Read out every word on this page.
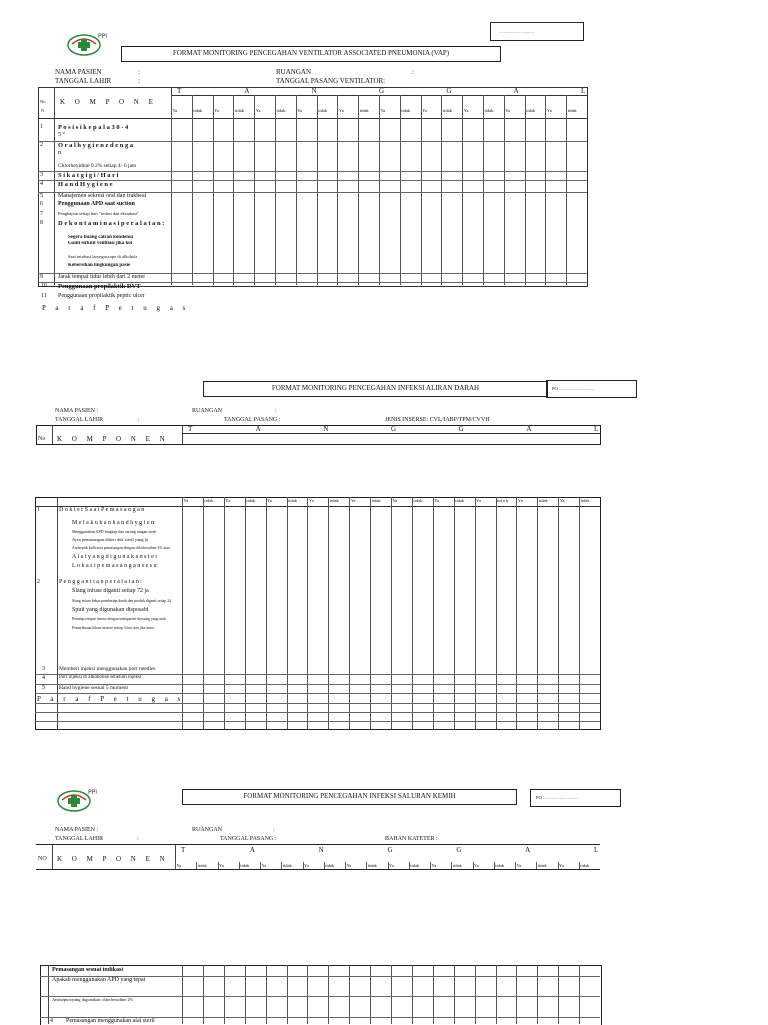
...............................
PPI
FORMAT MONITORING PENCEGAHAN VENTILATOR ASSOCIATED PNEUMONIA (VAP)
NAMA PASIEN	:
TANGGAL LAHIR	:
RUANGAN	:
TANGGAL PASANG VENTILATOR:
No
N
K O M P O N E
T	A	N	G	G	A	L
Ya	tidak	Ya	tidak	Ya	tidak	Ya	tidak	Ya	tidak	Ya	tidak	Ya	tidak	Ya	tidak	Ya	tidak	Ya	tidak
1 P o s i s i k e p a l a 3 0 - 4
5 °
2 O r a l h y g i e n e d e n g a
n
Chlorhexidine 0.2% setiap 4- 6 jam
3 S i k a t g i g i / H a r i
4 H a n d H y g i e n e
5	Manajemen sekresi oral dan trakheal
6	Penggunaan APD saat suction
7	Pengkajian setiap hari "sedasi dan ekstubasi"
8 D e k o n t a m i n a s i p e r a l a t a n :
Segera buang cairan kondensa
Ganti sirkuit ventilasi jika kot
Saat intubasi laryngoscope di alkohola
Kebersihan lingkungan pasie
9	Jarak tempat tidur lebih dari 2 meter
10 Penggunaan propilaktik DVT
11 Penggunaan propilaktik peptic ulcer
P a r a f P e t u g a s
FORMAT MONITORING PENCEGAHAN INFEKSI ALIRAN DARAH	PO ...............................
NAMA PASIEN :
TANGGAL LAHIR	:
RUANGAN	:
TANGGAL PASANG :	JENIS INSERSE: CVL/IABP/TPM/CVVH
No K O M P O N E N
T	A	N	G	G	A	L
Ya	tidak	Ya	tidak	Ya	tidak	Ya	tidak	Ya	tidak	Ya	tidak	Ya	tidak	Ya	tid a k Ya	tidak	Ya	tidak
1	D o k t e r S a a t P e m a s a n g a n
M e l a k u k a n h a n d h y g i e n
Menggunakan APD lengkap dan sarung tangan steril
Area pemasangan diberi duk steril yang lu
Antiseptik kulit area pemasangan dengan chlorhexidine 2% atau
A l a t y a n g d i g u n a k a n s t e r
L o k a s i p e m a s a n g a n s e s u
2	P e n g g a n t i a n p e r a l a t a n :
Slang infuse diganti setiap 72 ja
Slang infuse bekas pemberian darah dan produk diganti setiap 24
Spuit yang digunakan disposabl
Penutup tempat insersi dengan transparent dressing yang utuh
Pemeriksaan lokasi inserse setiap 3 hari dan jika kotor
3	Memberi injeksi menggunakan port needles
4	Port injeksi di alkoholise sebelum injeksi
5	Hand hygiene sesuai 5 moment
P a r a f P e t u g a s
PPI	FORMAT MONITORING PENCEGAHAN INFEKSI SALURAN KEMIH	PO ...............................
NAMA PASIEN :
TANGGAL LAHIR	:
RUANGAN	:
TANGGAL PASANG :	BAHAN KATETER :
NO K O M P O N E N
T	A	N	G	G	A	L
Ya	tidak	Ya	tidak	Ya	tidak	Ya	tidak	Ya	tidak	Ya	tidak	Ya	tidak	Ya	tidak	Ya	tidak	Ya	tidak
Pemasangan sesuai indikasi
Apakah menggunakan APD yang tepat
Antiseptoxyang digunakan chlorhexidine 2%
4 Pemasangan menggunakan alat steril
